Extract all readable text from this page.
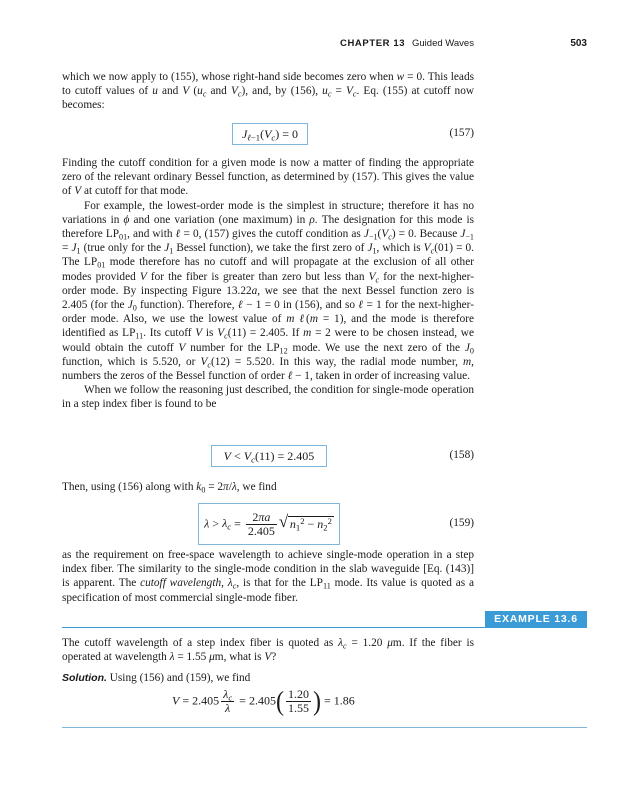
CHAPTER 13 Guided Waves	503

which we now apply to (155), whose right-hand side becomes zero when w = 0. This leads to cutoff values of u and V ($u_c$ and $V_c$), and, by (156), $u_c = V_c$. Eq. (155) at cutoff now becomes:

$J_{\ell-1}(V_c) = 0$	(157)

Finding the cutoff condition for a given mode is now a matter of finding the appropriate zero of the relevant ordinary Bessel function, as determined by (157). This gives the value of V at cutoff for that mode.

For example, the lowest-order mode is the simplest in structure; therefore it has no variations in ϕ and one variation (one maximum) in ρ. The designation for this mode is therefore $LP_{01}$, and with ℓ = 0, (157) gives the cutoff condition as $J_{-1}(V_c) = 0$. Because $J_{-1} = J_1$ (true only for the $J_1$ Bessel function), we take the first zero of $J_1$, which is $V_c(01) = 0$. The $LP_{01}$ mode therefore has no cutoff and will propagate at the exclusion of all other modes provided V for the fiber is greater than zero but less than $V_c$ for the next-higher-order mode. By inspecting Figure 13.22a, we see that the next Bessel function zero is 2.405 (for the $J_0$ function). Therefore, ℓ − 1 = 0 in (156), and so ℓ = 1 for the next-higher-order mode. Also, we use the lowest value of m ℓ(m = 1), and the mode is therefore identified as $LP_{11}$. Its cutoff V is $V_c(11) = 2.405$. If m = 2 were to be chosen instead, we would obtain the cutoff V number for the $LP_{12}$ mode. We use the next zero of the $J_0$ function, which is 5.520, or $V_c(12) = 5.520$. In this way, the radial mode number, m, numbers the zeros of the Bessel function of order ℓ − 1, taken in order of increasing value.

When we follow the reasoning just described, the condition for single-mode operation in a step index fiber is found to be

$V < V_c(11) = 2.405$	(158)

Then, using (156) along with $k_0 = 2\pi/\lambda$, we find

$\lambda > \lambda_c = \frac{2\pi a}{2.405}$ √ $n_1^2 - n_2^2$	(159)

as the requirement on free-space wavelength to achieve single-mode operation in a step index fiber. The similarity to the single-mode condition in the slab waveguide [Eq. (143)] is apparent. The cutoff wavelength, $\lambda_c$, is that for the $LP_{11}$ mode. Its value is quoted as a specification of most commercial single-mode fiber.

EXAMPLE 13.6

The cutoff wavelength of a step index fiber is quoted as $\lambda_c = 1.20$ μm. If the fiber is operated at wavelength λ = 1.55 μm, what is V?

Solution. Using (156) and (159), we find

$V = 2.405 \frac{\lambda_c}{\lambda} = 2.405( \frac{1.20}{1.55}$ ) = 1.86
